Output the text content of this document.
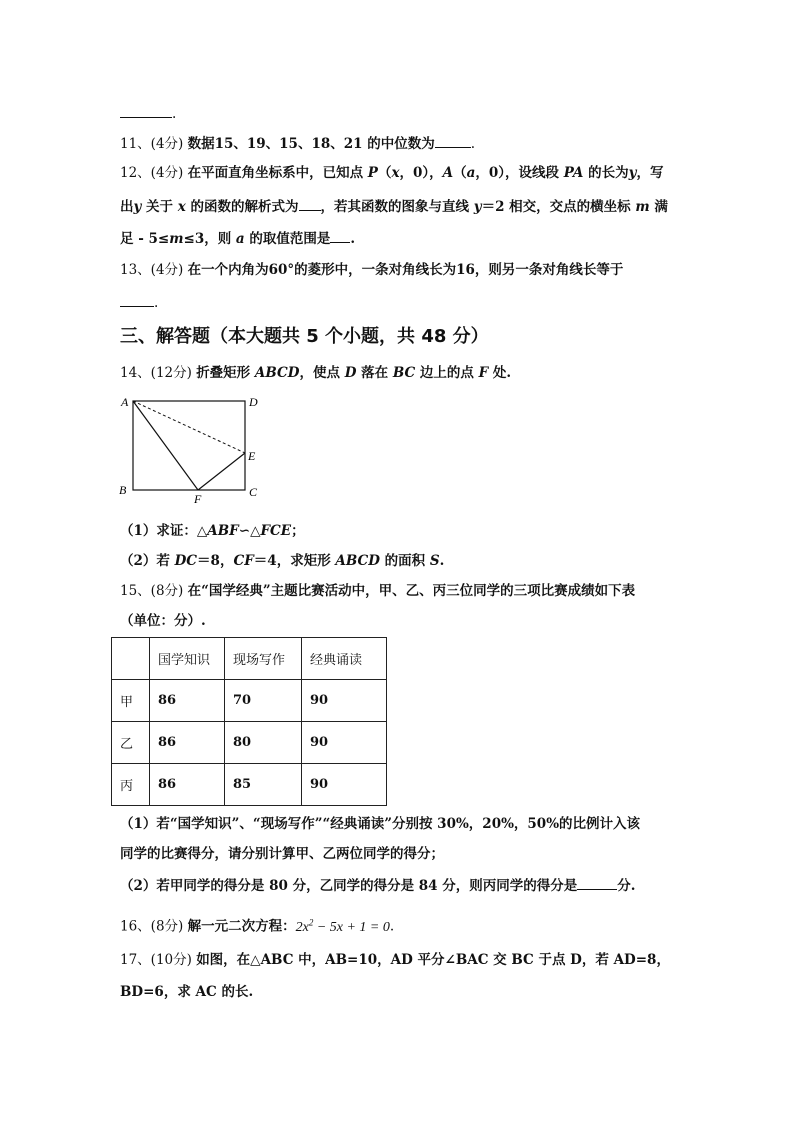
.
11、(4分) 数据15、19、15、18、21 的中位数为	.
12、(4分) 在平面直角坐标系中，已知点 P（x，0），A（a，0），设线段 PA 的长为y，写
出y 关于 x 的函数的解析式为 ，若其函数的图象与直线 y＝2 相交，交点的横坐标 m 满
足 - 5≤m≤3，则 a 的取值范围是 .
13、(4分) 在一个内角为60°的菱形中，一条对角线长为16，则另一条对角线长等于
.
三、解答题（本大题共 5 个小题，共 48 分）
14、(12分) 折叠矩形 ABCD，使点 D 落在 BC 边上的点 F 处.
A	D
E
B
F	C
（1）求证：△ABF∽△FCE；
（2）若 DC＝8，CF＝4，求矩形 ABCD 的面积 S.
15、(8分) 在“国学经典”主题比赛活动中，甲、乙、丙三位同学的三项比赛成绩如下表
（单位：分）.
	国学知识	现场写作	经典诵读
甲	86	70	90
乙	86	80	90
丙	86	85	90
（1）若“国学知识”、“现场写作”“经典诵读”分别按 30%，20%，50%的比例计入该
同学的比赛得分，请分别计算甲、乙两位同学的得分；
（2）若甲同学的得分是 80 分，乙同学的得分是 84 分，则丙同学的得分是	分.
16、(8分) 解一元二次方程：$2x^2 - 5x + 1 = 0$.
17、(10分) 如图，在△ABC 中，AB=10，AD 平分∠BAC 交 BC 于点 D，若 AD=8，
BD=6，求 AC 的长.
